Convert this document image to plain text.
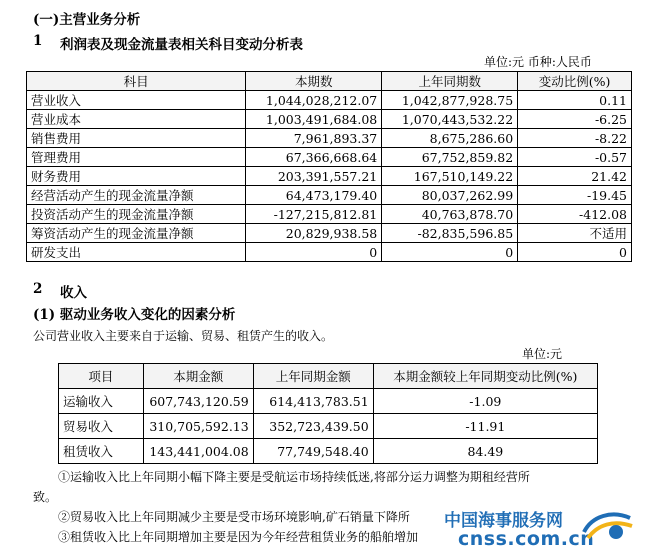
(一)主营业务分析
1 利润表及现金流量表相关科目变动分析表
单位:元 币种:人民币
科目	本期数	上年同期数	变动比例(%)
营业收入	1,044,028,212.07	1,042,877,928.75	0.11
营业成本	1,003,491,684.08	1,070,443,532.22	-6.25
销售费用	7,961,893.37	8,675,286.60	-8.22
管理费用	67,366,668.64	67,752,859.82	-0.57
财务费用	203,391,557.21	167,510,149.22	21.42
经营活动产生的现金流量净额	64,473,179.40	80,037,262.99	-19.45
投资活动产生的现金流量净额	-127,215,812.81	40,763,878.70	-412.08
筹资活动产生的现金流量净额	20,829,938.58	-82,835,596.85	不适用
研发支出	0	0	0
2 收入
(1) 驱动业务收入变化的因素分析
公司营业收入主要来自于运输、贸易、租赁产生的收入。
单位:元
项目	本期金额	上年同期金额	本期金额较上年同期变动比例(%)
运输收入	607,743,120.59	614,413,783.51	-1.09
贸易收入	310,705,592.13	352,723,439.50	-11.91
租赁收入	143,441,004.08	77,749,548.40	84.49
①运输收入比上年同期小幅下降主要是受航运市场持续低迷,将部分运力调整为期租经营所
致。
②贸易收入比上年同期减少主要是受市场环境影响,矿石销量下降所
③租赁收入比上年同期增加主要是因为今年经营租赁业务的船舶增加
中国海事服务网
cnss.com.cn
